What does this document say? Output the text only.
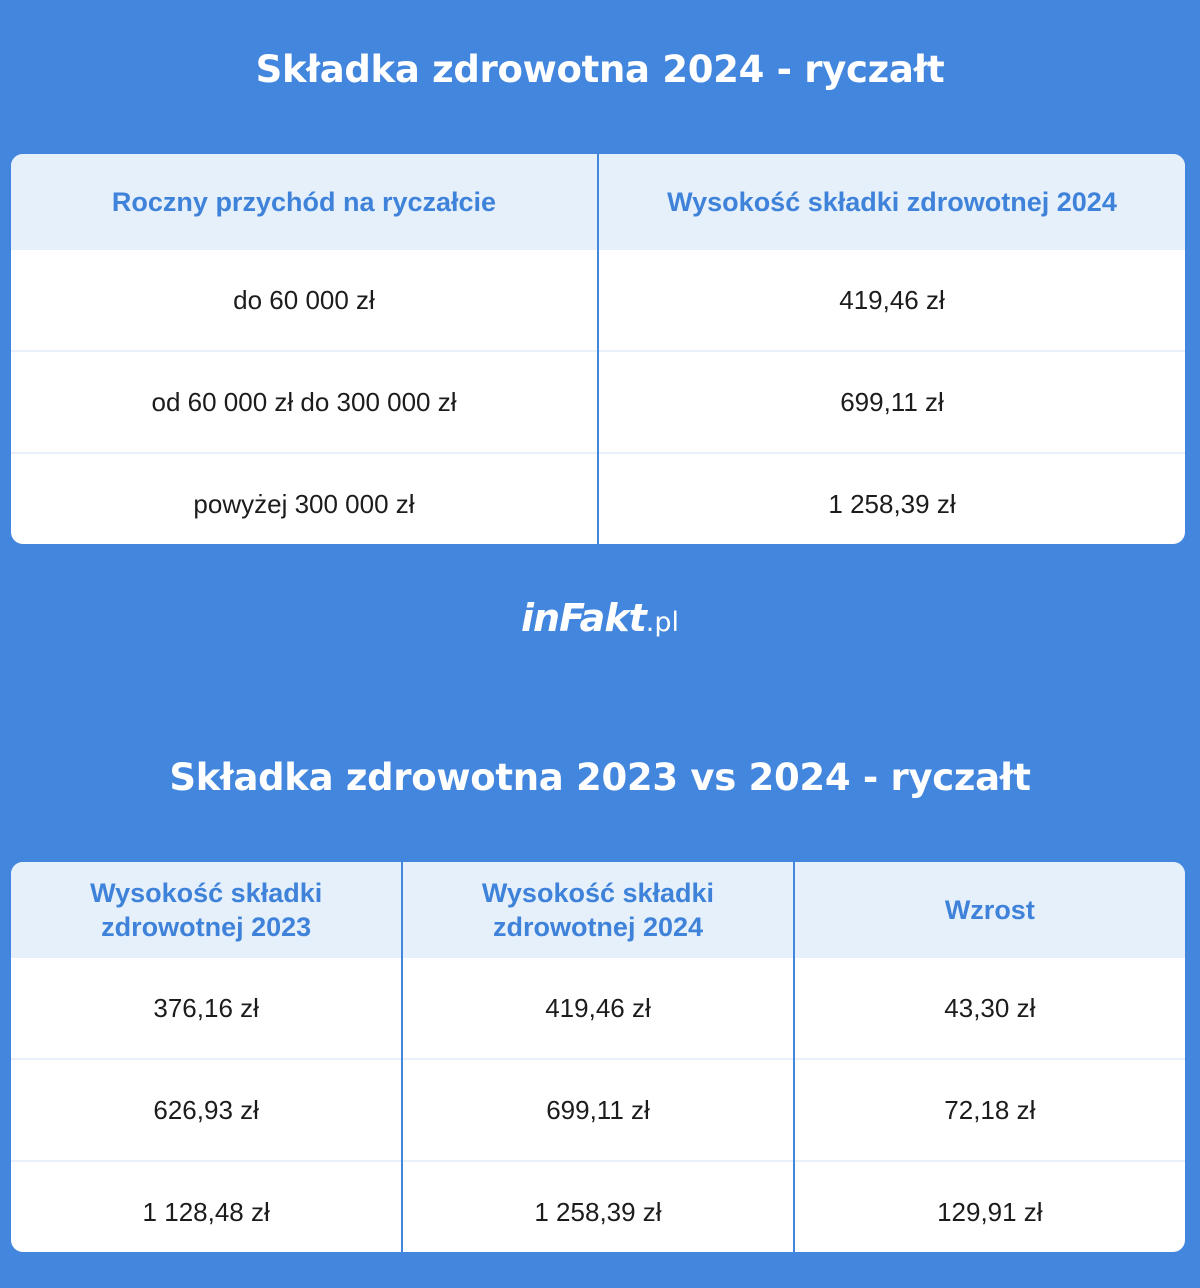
Składka zdrowotna 2024 - ryczałt
Roczny przychód na ryczałcie	Wysokość składki zdrowotnej 2024
do 60 000 zł	419,46 zł
od 60 000 zł do 300 000 zł	699,11 zł
powyżej 300 000 zł	1 258,39 zł
inFakt.pl
Składka zdrowotna 2023 vs 2024 - ryczałt
Wysokość składki zdrowotnej 2023	Wysokość składki zdrowotnej 2024	Wzrost
376,16 zł	419,46 zł	43,30 zł
626,93 zł	699,11 zł	72,18 zł
1 128,48 zł	1 258,39 zł	129,91 zł
